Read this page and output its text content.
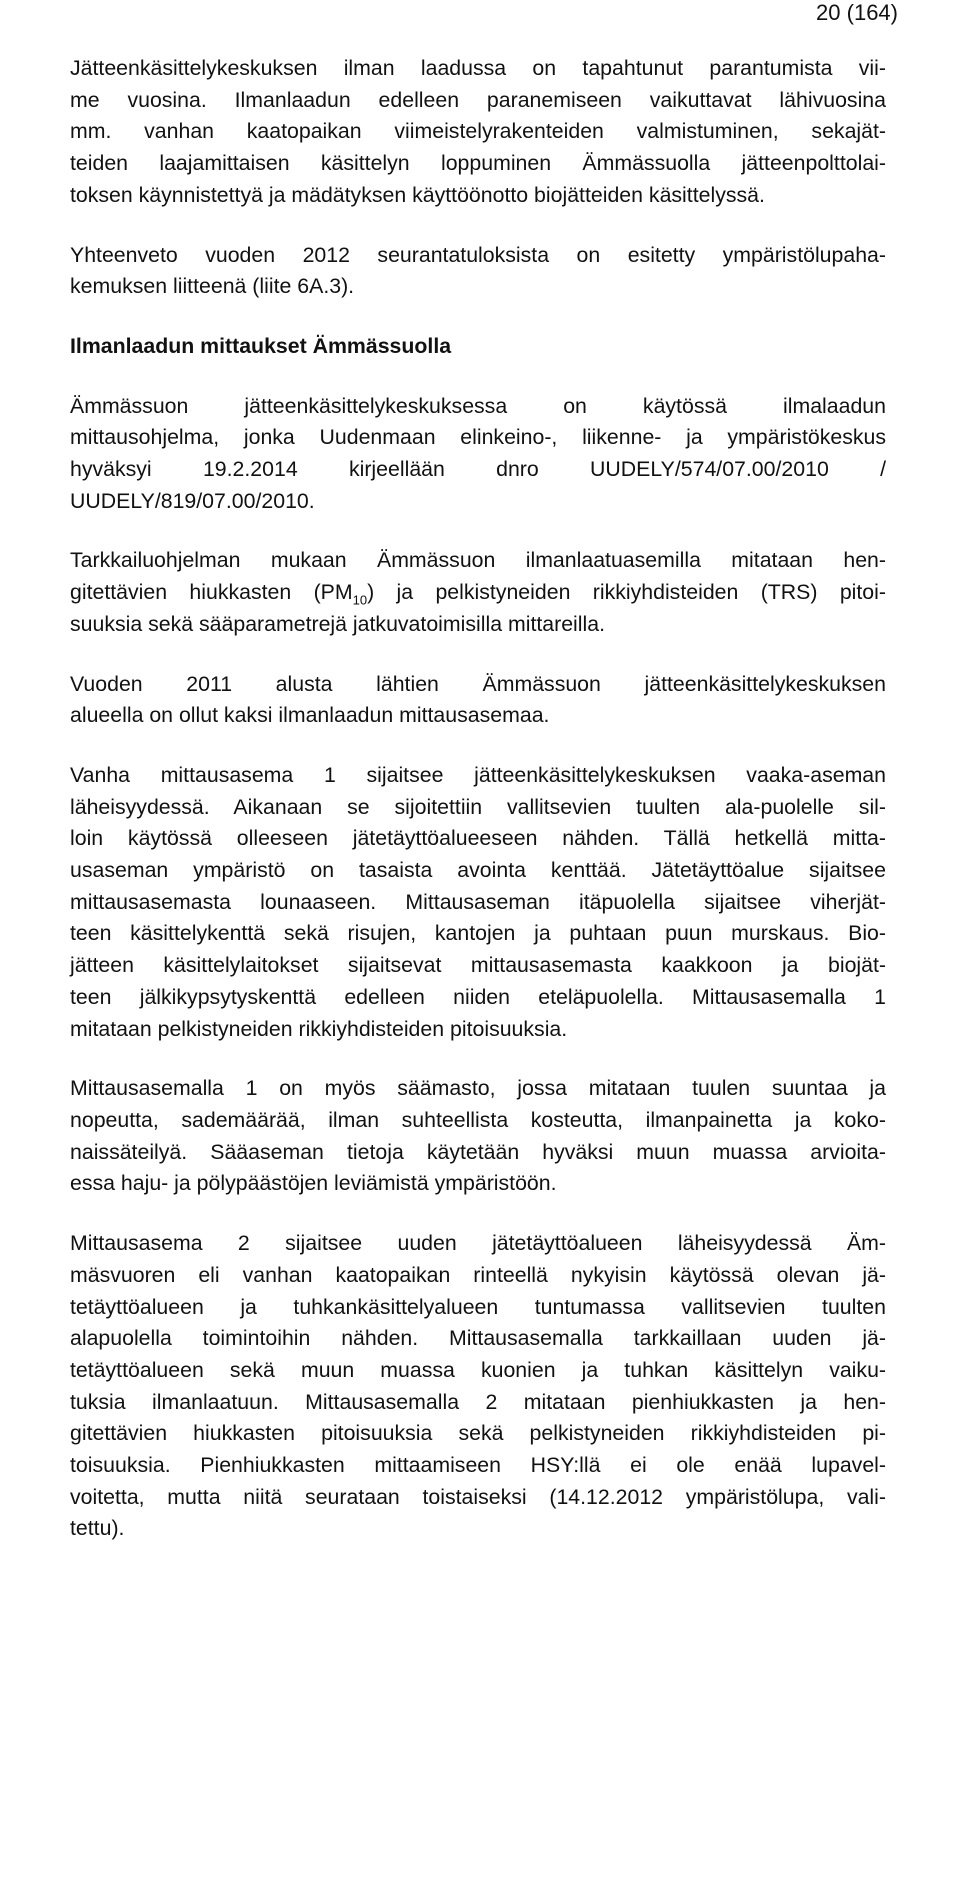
20 (164)
Jätteenkäsittelykeskuksen ilman laadussa on tapahtunut parantumista vii-
me vuosina. Ilmanlaadun edelleen paranemiseen vaikuttavat lähivuosina
mm. vanhan kaatopaikan viimeistelyrakenteiden valmistuminen, sekajät-
teiden laajamittaisen käsittelyn loppuminen Ämmässuolla jätteenpolttolai-
toksen käynnistettyä ja mädätyksen käyttöönotto biojätteiden käsittelyssä.
Yhteenveto vuoden 2012 seurantatuloksista on esitetty ympäristölupaha-
kemuksen liitteenä (liite 6A.3).
Ilmanlaadun mittaukset Ämmässuolla
Ämmässuon jätteenkäsittelykeskuksessa on käytössä ilmalaadun
mittausohjelma, jonka Uudenmaan elinkeino-, liikenne- ja ympäristökeskus
hyväksyi 19.2.2014 kirjeellään dnro UUDELY/574/07.00/2010 /
UUDELY/819/07.00/2010.
Tarkkailuohjelman mukaan Ämmässuon ilmanlaatuasemilla mitataan hen-
gitettävien hiukkasten $(PM_{10})$ ja pelkistyneiden rikkiyhdisteiden (TRS) pitoi-
suuksia sekä sääparametrejä jatkuvatoimisilla mittareilla.
Vuoden 2011 alusta lähtien Ämmässuon jätteenkäsittelykeskuksen
alueella on ollut kaksi ilmanlaadun mittausasemaa.
Vanha mittausasema 1 sijaitsee jätteenkäsittelykeskuksen vaaka-aseman
läheisyydessä. Aikanaan se sijoitettiin vallitsevien tuulten ala-puolelle sil-
loin käytössä olleeseen jätetäyttöalueeseen nähden. Tällä hetkellä mitta-
usaseman ympäristö on tasaista avointa kenttää. Jätetäyttöalue sijaitsee
mittausasemasta lounaaseen. Mittausaseman itäpuolella sijaitsee viherjät-
teen käsittelykenttä sekä risujen, kantojen ja puhtaan puun murskaus. Bio-
jätteen käsittelylaitokset sijaitsevat mittausasemasta kaakkoon ja biojät-
teen jälkikypsytyskenttä edelleen niiden eteläpuolella. Mittausasemalla 1
mitataan pelkistyneiden rikkiyhdisteiden pitoisuuksia.
Mittausasemalla 1 on myös säämasto, jossa mitataan tuulen suuntaa ja
nopeutta, sademäärää, ilman suhteellista kosteutta, ilmanpainetta ja koko-
naissäteilyä. Sääaseman tietoja käytetään hyväksi muun muassa arvioita-
essa haju- ja pölypäästöjen leviämistä ympäristöön.
Mittausasema 2 sijaitsee uuden jätetäyttöalueen läheisyydessä Äm-
mäsvuoren eli vanhan kaatopaikan rinteellä nykyisin käytössä olevan jä-
tetäyttöalueen ja tuhkankäsittelyalueen tuntumassa vallitsevien tuulten
alapuolella toimintoihin nähden. Mittausasemalla tarkkaillaan uuden jä-
tetäyttöalueen sekä muun muassa kuonien ja tuhkan käsittelyn vaiku-
tuksia ilmanlaatuun. Mittausasemalla 2 mitataan pienhiukkasten ja hen-
gitettävien hiukkasten pitoisuuksia sekä pelkistyneiden rikkiyhdisteiden pi-
toisuuksia. Pienhiukkasten mittaamiseen HSY:llä ei ole enää lupavel-
voitetta, mutta niitä seurataan toistaiseksi (14.12.2012 ympäristölupa, vali-
tettu).
